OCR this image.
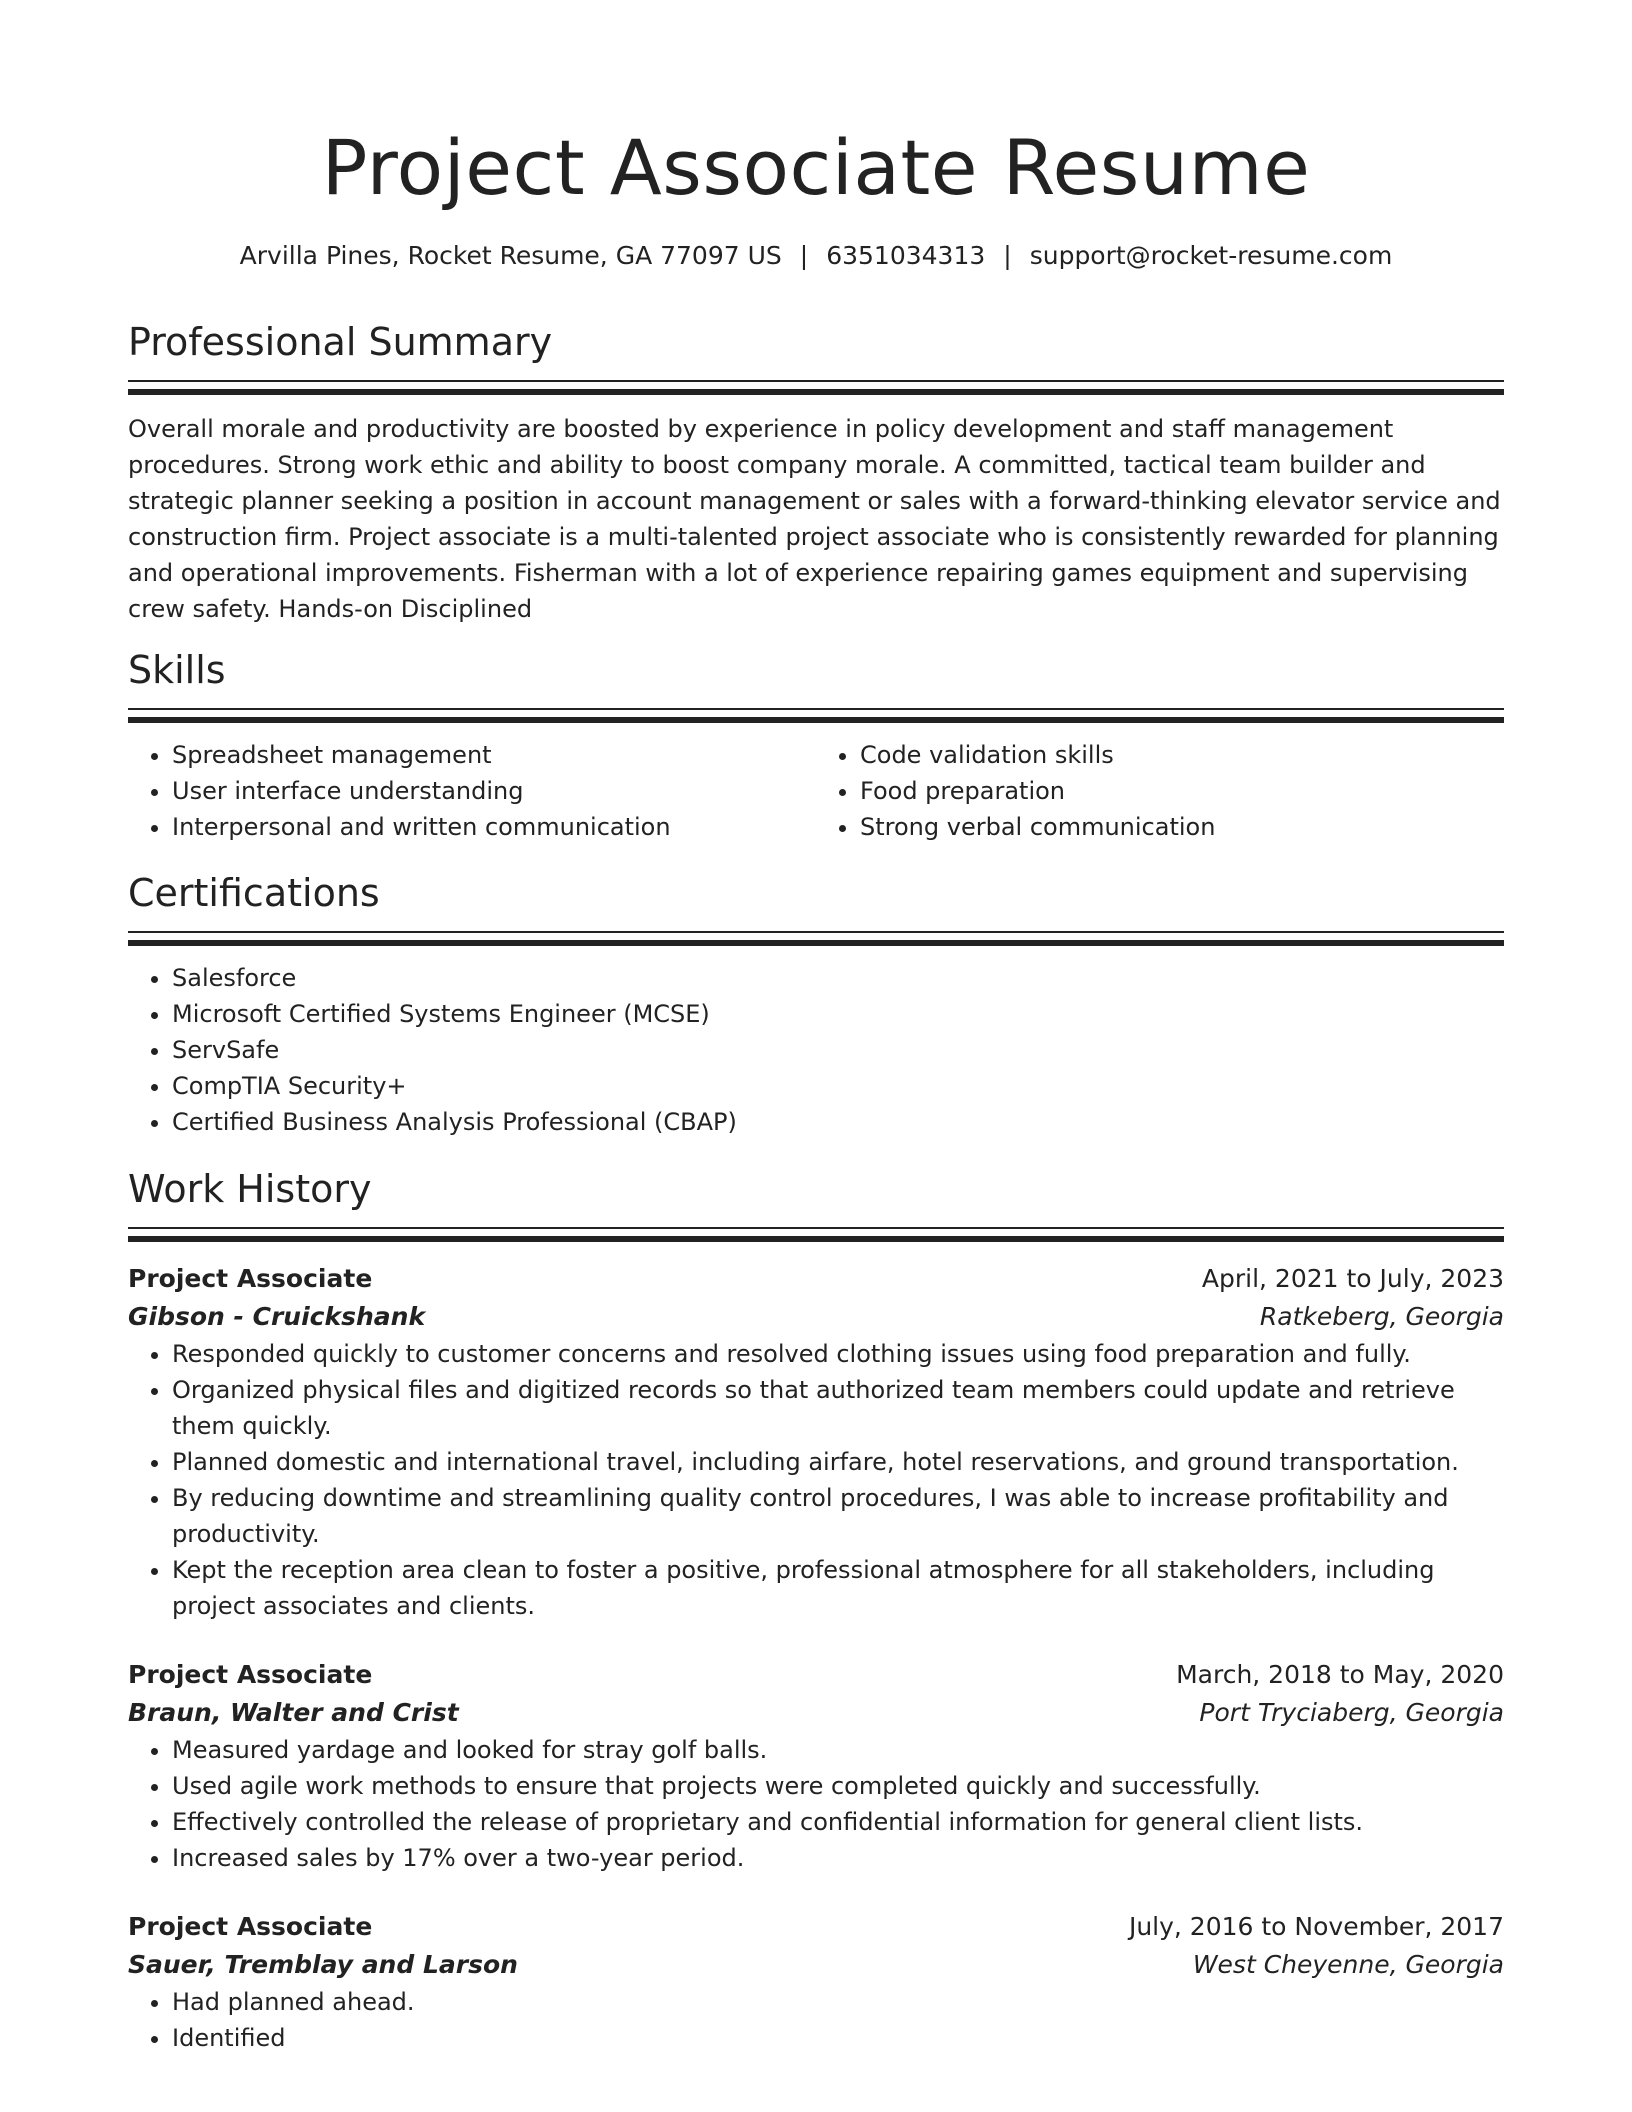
Project Associate Resume
Arvilla Pines, Rocket Resume, GA 77097 US | 6351034313 | support@rocket-resume.com
Professional Summary

Overall morale and productivity are boosted by experience in policy development and staff management procedures. Strong work ethic and ability to boost company morale. A committed, tactical team builder and strategic planner seeking a position in account management or sales with a forward-thinking elevator service and construction firm. Project associate is a multi-talented project associate who is consistently rewarded for planning and operational improvements. Fisherman with a lot of experience repairing games equipment and supervising crew safety. Hands-on Disciplined

Skills
• Spreadsheet management
• User interface understanding
• Interpersonal and written communication
• Code validation skills
• Food preparation
• Strong verbal communication
Certifications
• Salesforce
• Microsoft Certified Systems Engineer (MCSE)
• ServSafe
• CompTIA Security+
• Certified Business Analysis Professional (CBAP)
Work History
Project Associate	April, 2021 to July, 2023
Gibson - Cruickshank	Ratkeberg, Georgia
• Responded quickly to customer concerns and resolved clothing issues using food preparation and fully.
• Organized physical files and digitized records so that authorized team members could update and retrieve them quickly.
• Planned domestic and international travel, including airfare, hotel reservations, and ground transportation.
• By reducing downtime and streamlining quality control procedures, I was able to increase profitability and productivity.
• Kept the reception area clean to foster a positive, professional atmosphere for all stakeholders, including project associates and clients.
Project Associate	March, 2018 to May, 2020
Braun, Walter and Crist	Port Tryciaberg, Georgia
• Measured yardage and looked for stray golf balls.
• Used agile work methods to ensure that projects were completed quickly and successfully.
• Effectively controlled the release of proprietary and confidential information for general client lists.
• Increased sales by 17% over a two-year period.
Project Associate	July, 2016 to November, 2017
Sauer, Tremblay and Larson	West Cheyenne, Georgia
• Had planned ahead.
• Identified
